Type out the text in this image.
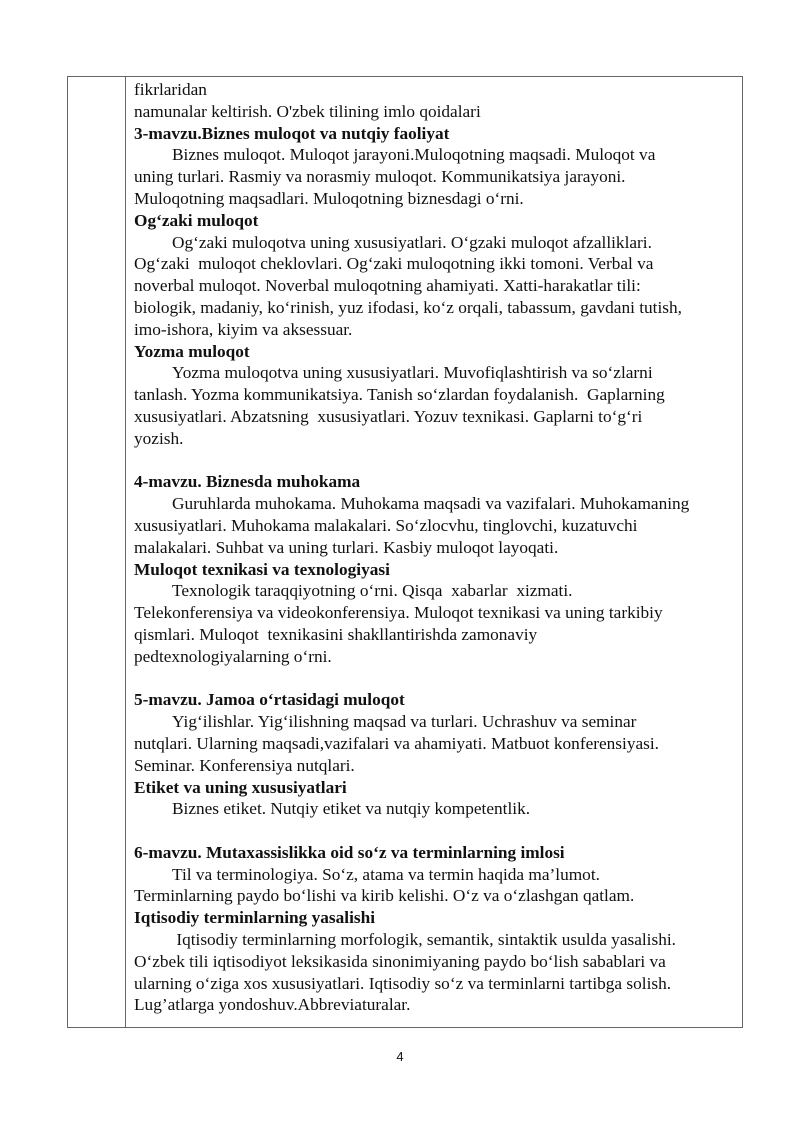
fikrlaridan
namunalar keltirish. O'zbek tilining imlo qoidalari
3-mavzu.Biznes muloqot va nutqiy faoliyat
Biznes muloqot. Muloqot jarayoni.Muloqotning maqsadi. Muloqot va
uning turlari. Rasmiy va norasmiy muloqot. Kommunikatsiya jarayoni.
Muloqotning maqsadlari. Muloqotning biznesdagi o‘rni.
Og‘zaki muloqot
Og‘zaki muloqotva uning xususiyatlari. O‘gzaki muloqot afzalliklari.
Og‘zaki  muloqot cheklovlari. Og‘zaki muloqotning ikki tomoni. Verbal va
noverbal muloqot. Noverbal muloqotning ahamiyati. Xatti-harakatlar tili:
biologik, madaniy, ko‘rinish, yuz ifodasi, ko‘z orqali, tabassum, gavdani tutish,
imo-ishora, kiyim va aksessuar.
Yozma muloqot
Yozma muloqotva uning xususiyatlari. Muvofiqlashtirish va so‘zlarni
tanlash. Yozma kommunikatsiya. Tanish so‘zlardan foydalanish.  Gaplarning
xususiyatlari. Abzatsning  xususiyatlari. Yozuv texnikasi. Gaplarni to‘g‘ri
yozish.
4-mavzu. Biznesda muhokama
Guruhlarda muhokama. Muhokama maqsadi va vazifalari. Muhokamaning
xususiyatlari. Muhokama malakalari. So‘zlocvhu, tinglovchi, kuzatuvchi
malakalari. Suhbat va uning turlari. Kasbiy muloqot layoqati.
Muloqot texnikasi va texnologiyasi
Texnologik taraqqiyotning o‘rni. Qisqa  xabarlar  xizmati.
Telekonferensiya va videokonferensiya. Muloqot texnikasi va uning tarkibiy
qismlari. Muloqot  texnikasini shakllantirishda zamonaviy
pedtexnologiyalarning o‘rni.
5-mavzu. Jamoa o‘rtasidagi muloqot
Yig‘ilishlar. Yig‘ilishning maqsad va turlari. Uchrashuv va seminar
nutqlari. Ularning maqsadi,vazifalari va ahamiyati. Matbuot konferensiyasi.
Seminar. Konferensiya nutqlari.
Etiket va uning xususiyatlari
Biznes etiket. Nutqiy etiket va nutqiy kompetentlik.
6-mavzu. Mutaxassislikka oid so‘z va terminlarning imlosi
Til va terminologiya. So‘z, atama va termin haqida ma’lumot.
Terminlarning paydo bo‘lishi va kirib kelishi. O‘z va o‘zlashgan qatlam.
Iqtisodiy terminlarning yasalishi
Iqtisodiy terminlarning morfologik, semantik, sintaktik usulda yasalishi.
O‘zbek tili iqtisodiyot leksikasida sinonimiyaning paydo bo‘lish sabablari va
ularning o‘ziga xos xususiyatlari. Iqtisodiy so‘z va terminlarni tartibga solish.
Lug’atlarga yondoshuv.Abbreviaturalar.
4
